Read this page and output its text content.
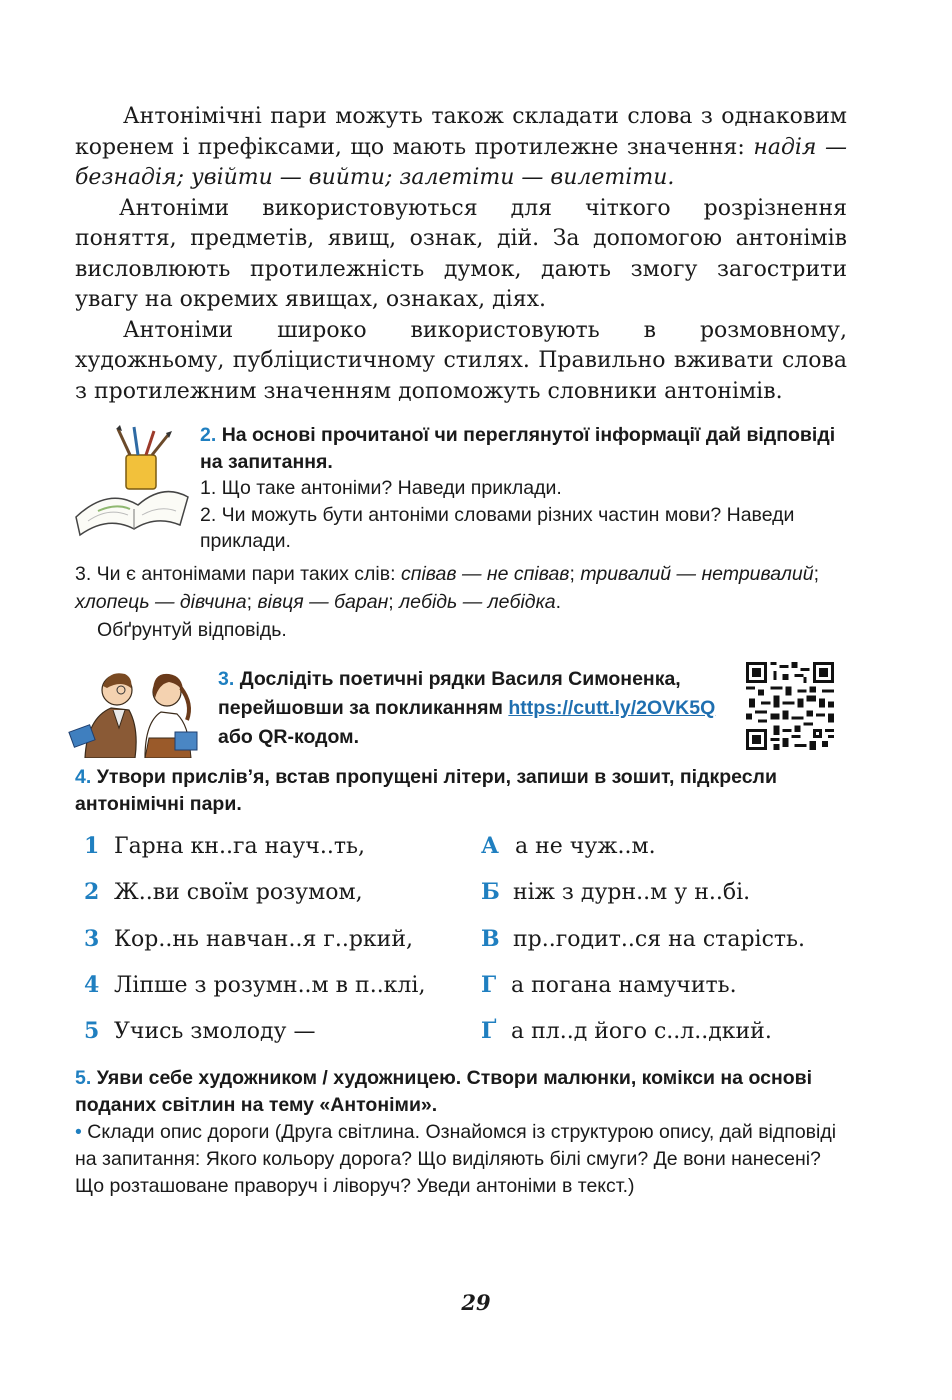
Антонімічні пари можуть також складати слова з однаковим коренем і префіксами, що мають протилежне значення: надія — безнадія; увійти — вийти; залетіти — вилетіти.

Антоніми використовуються для чіткого розрізнення поняття, предметів, явищ, ознак, дій. За допомогою антонімів висловлюють протилежність думок, дають змогу загострити увагу на окремих явищах, ознаках, діях.

Антоніми широко використовують в розмовному, художньому, публіцистичному стилях. Правильно вживати слова з протилежним значенням допоможуть словники антонімів.

2. На основі прочитаної чи переглянутої інформації дай відповіді на запитання.

1. Що таке антоніми? Наведи приклади.

2. Чи можуть бути антоніми словами різних частин мови? Наведи приклади.

3. Чи є антонімами пари таких слів: співав — не співав; тривалий — нетривалий; хлопець — дівчина; вівця — баран; лебідь — лебідка.
Обґрунтуй відповідь.
3. Дослідіть поетичні рядки Василя Симоненка, перейшовши за покликанням https://cutt.ly/2OVK5Q або QR-кодом.
4. Утвори прислів’я, встав пропущені літери, запиши в зошит, підкресли антонімічні пари.
1 Гарна кн..га науч..ть,
2 Ж..ви своїм розумом,
3 Кор..нь навчан..я г..ркий,
4 Ліпше з розумн..м в п..клі,
5 Учись змолоду —
А а не чуж..м.
Б ніж з дурн..м у н..бі.
В пр..годит..ся на старість.
Г а погана намучить.
Ґ а пл..д його с..л..дкий.

5. Уяви себе художником / художницею. Створи малюнки, комікси на основі поданих світлин на тему «Антоніми».

• Склади опис дороги (Друга світлина. Ознайомся із структурою опису, дай відповіді на запитання: Якого кольору дорога? Що виділяють білі смуги? Де вони нанесені? Що розташоване праворуч і ліворуч? Уведи антоніми в текст.)

29
